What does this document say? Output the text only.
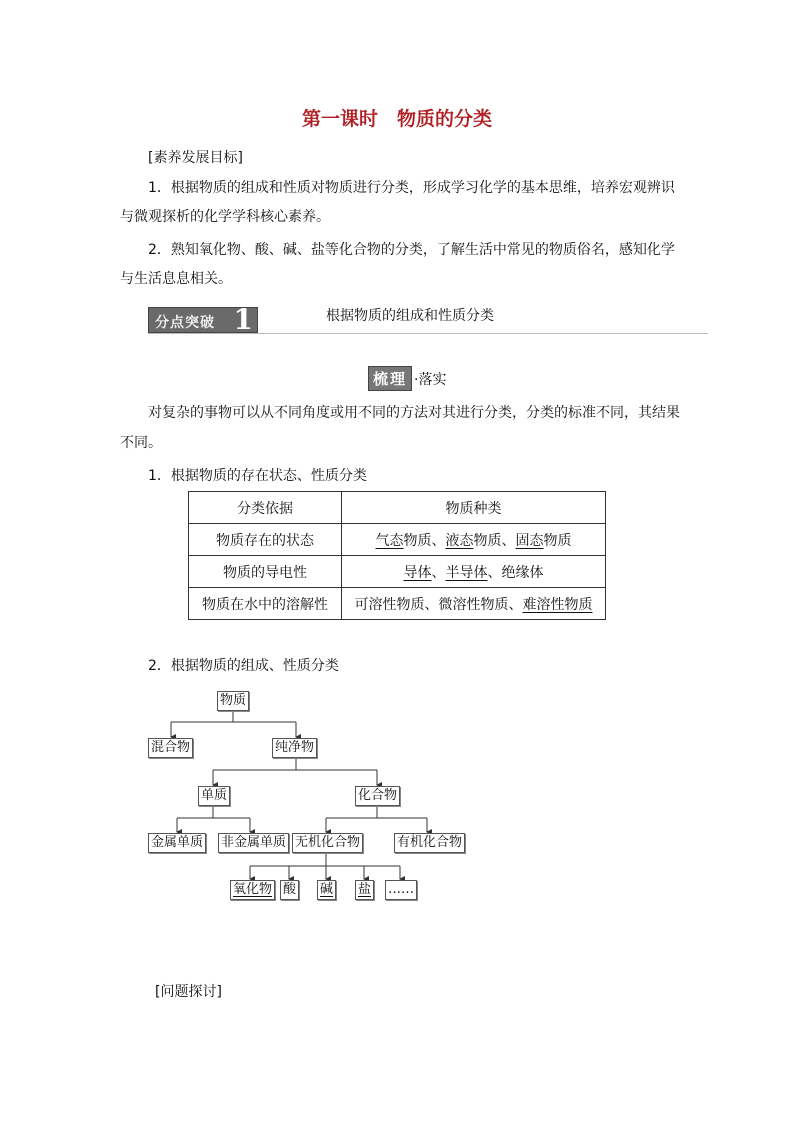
第一课时　物质的分类
[素养发展目标]
1．根据物质的组成和性质对物质进行分类，形成学习化学的基本思维，培养宏观辨识
与微观探析的化学学科核心素养。
2．熟知氧化物、酸、碱、盐等化合物的分类，了解生活中常见的物质俗名，感知化学
与生活息息相关。
分点突破 1	根据物质的组成和性质分类
梳理 ·落实
对复杂的事物可以从不同角度或用不同的方法对其进行分类，分类的标准不同，其结果
不同。
1．根据物质的存在状态、性质分类
分类依据	物质种类
物质存在的状态	气态物质、液态物质、固态物质
物质的导电性	导体、半导体、绝缘体
物质在水中的溶解性	可溶性物质、微溶性物质、难溶性物质
2．根据物质的组成、性质分类
物质
混合物	纯净物
单质	化合物
金属单质 非金属单质 无机化合物	有机化合物
氧化物 酸 碱 盐 ……
[问题探讨]
